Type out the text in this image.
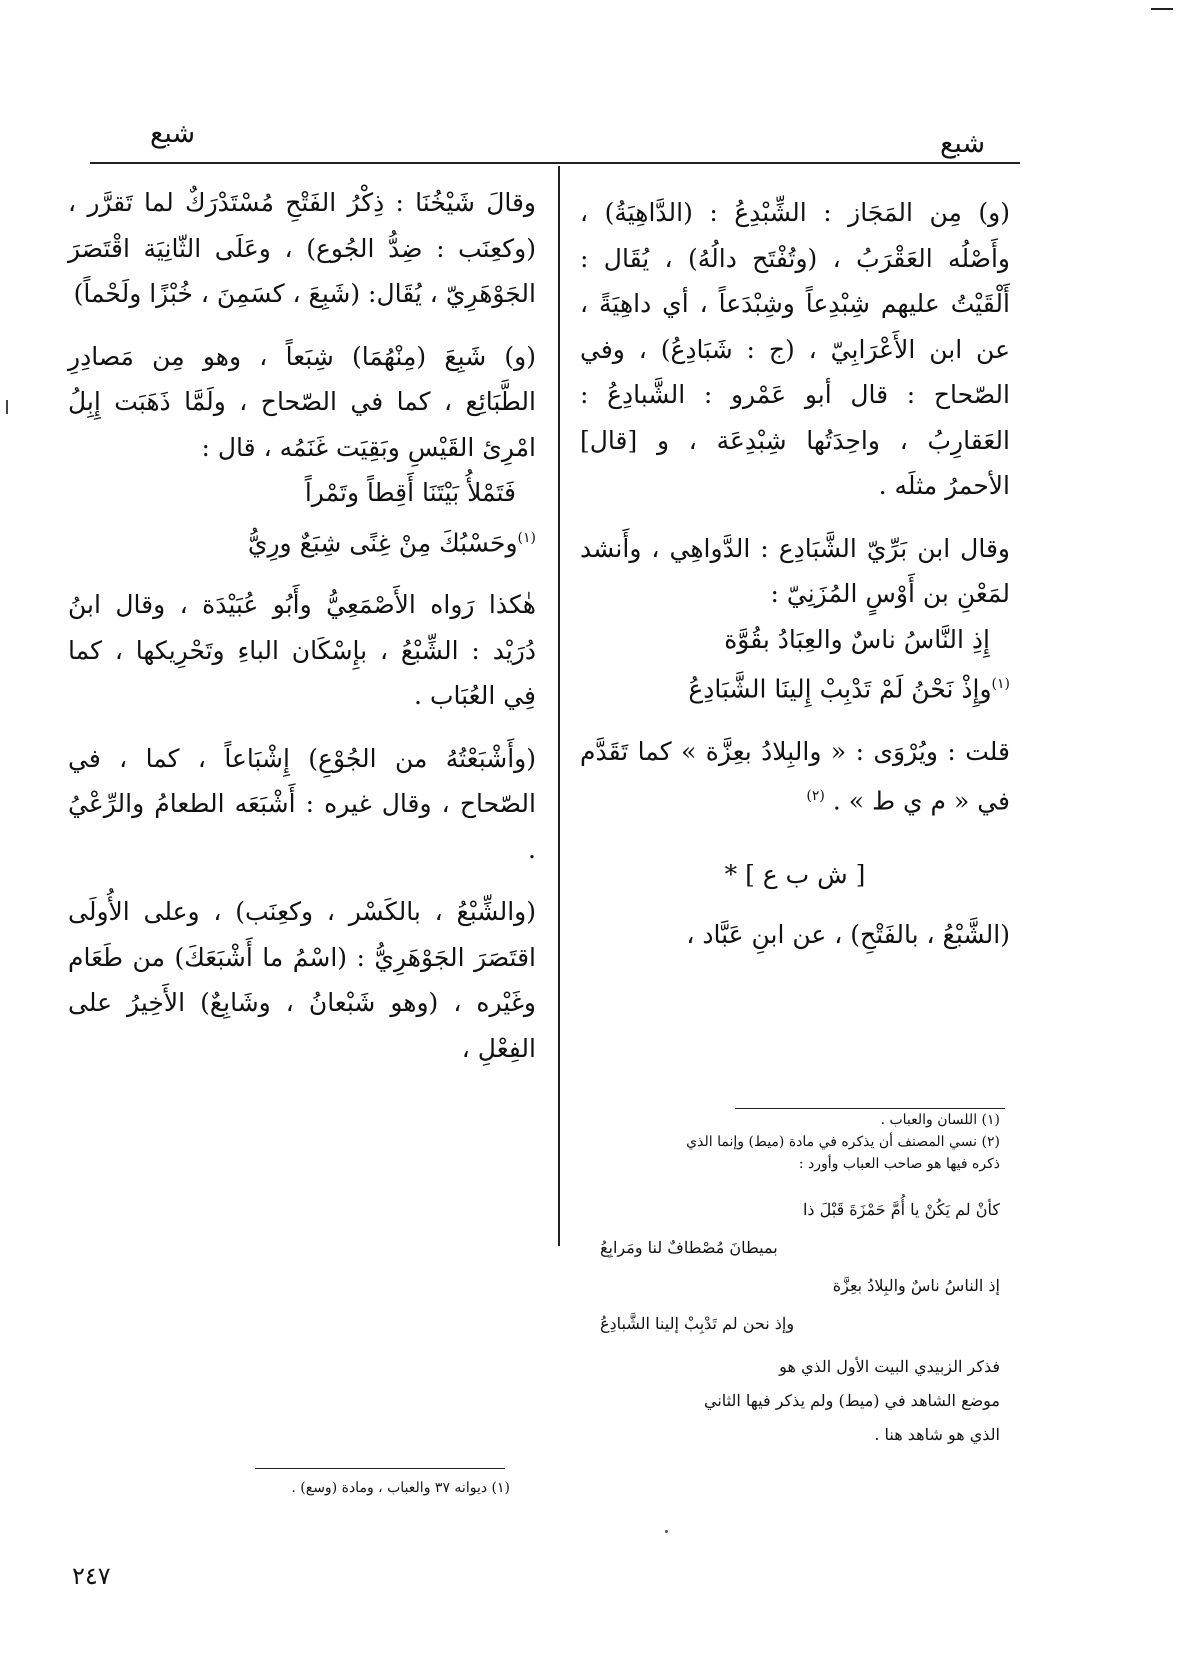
شبع	شبع

(و) مِن المَجَاز : الشِّبْدِعُ : (الدَّاهِيَةُ) ، وأَصْلُه العَقْرَبُ ، (وتُفْتَح دالُهُ) ، يُقَال : أَلْقَيْتُ عليهم شِبْدِعاً وشِبْدَعاً ، أي داهِيَةً ، عن ابن الأَعْرَابِيّ ، (ج : شَبَادِعُ) ، وفي الصّحاح : قال أبو عَمْرو : الشَّبادِعُ : العَقارِبُ ، واحِدَتُها شِبْدِعَة ، و [قال] الأحمرُ مثلَه .

وقال ابن بَرِّيّ الشَّبَادِع : الدَّواهِي ، وأَنشد لمَعْنِ بن أَوْسٍ المُزَنِيّ :

إِذِ النَّاسُ ناسٌ والعِبَادُ بقُوَّة

$^{(١)}$وإِذْ نَحْنُ لَمْ تَدْبِبْ إِلينَا الشَّبَادِعُ

قلت : ويُرْوَى : « والبِلادُ بعِزَّة » كما تَقَدَّم في « م ي ط » . $^{(٢)}$

[ ش ب ع ] *

(الشَّبْعُ ، بالفَتْحِ) ، عن ابنِ عَبَّاد ،

(١) اللسان والعباب .
(٢) نسي المصنف أن يذكره في مادة (ميط) وإنما الذي
ذكره فيها هو صاحب العباب وأورد :
كأنْ لم يَكُنْ يا أُمَّ حَمْزَةَ قَبْلَ ذا
بميطانَ مُصْطافٌ لنا ومَرابِعُ
إذ الناسُ ناسٌ والبِلادُ بعِزَّة
وإذ نحن لم تَدْبِبْ إلينا الشَّبادِعُ
فذكر الزبيدي البيت الأول الذي هو
موضع الشاهد في (ميط) ولم يذكر فيها الثاني
الذي هو شاهد هنا .

وقالَ شَيْخُنَا : ذِكْرُ الفَتْحِ مُسْتَدْرَكٌ لما تَقرَّر ، (وكعِنَب : ضِدُّ الجُوع) ، وعَلَى الثّانِيَة اقْتَصَرَ الجَوْهَرِيّ ، يُقَال: (شَبِعَ ، كسَمِنَ ، خُبْزًا ولَحْماً)

(و) شَبِعَ (مِنْهُمَا) شِبَعاً ، وهو مِن مَصادِرِ الطَّبَائِع ، كما في الصّحاح ، ولَمَّا ذَهَبَت إِبِلُ امْرِئ القَيْسِ وبَقِيَت غَنَمُه ، قال :

فَتَمْلأُ بَيْتَنَا أَقِطاً وتَمْراً

$^{(١)}$وحَسْبُكَ مِنْ غِنًى شِبَعٌ ورِيُّ

هٰكذا رَواه الأَصْمَعِيُّ وأَبُو عُبَيْدَة ، وقال ابنُ دُرَيْد : الشِّبْعُ ، بإِسْكَان الباءِ وتَحْرِيكها ، كما فِي العُبَاب .

(وأَشْبَعْتُهُ من الجُوْعِ) إِشْبَاعاً ، كما ، في الصّحاح ، وقال غيره : أَشْبَعَه الطعامُ والرِّعْيُ .

(والشِّبْعُ ، بالكَسْر ، وكعِنَب) ، وعلى الأُولَى اقتَصَرَ الجَوْهَرِيُّ : (اسْمُ ما أَشْبَعَكَ) من طَعَام وغَيْره ، (وهو شَبْعانُ ، وشَابِعٌ) الأَخِيرُ على الفِعْلِ ،

(١) ديوانه ٣٧ والعباب ، ومادة (وسع) .
٢٤٧
